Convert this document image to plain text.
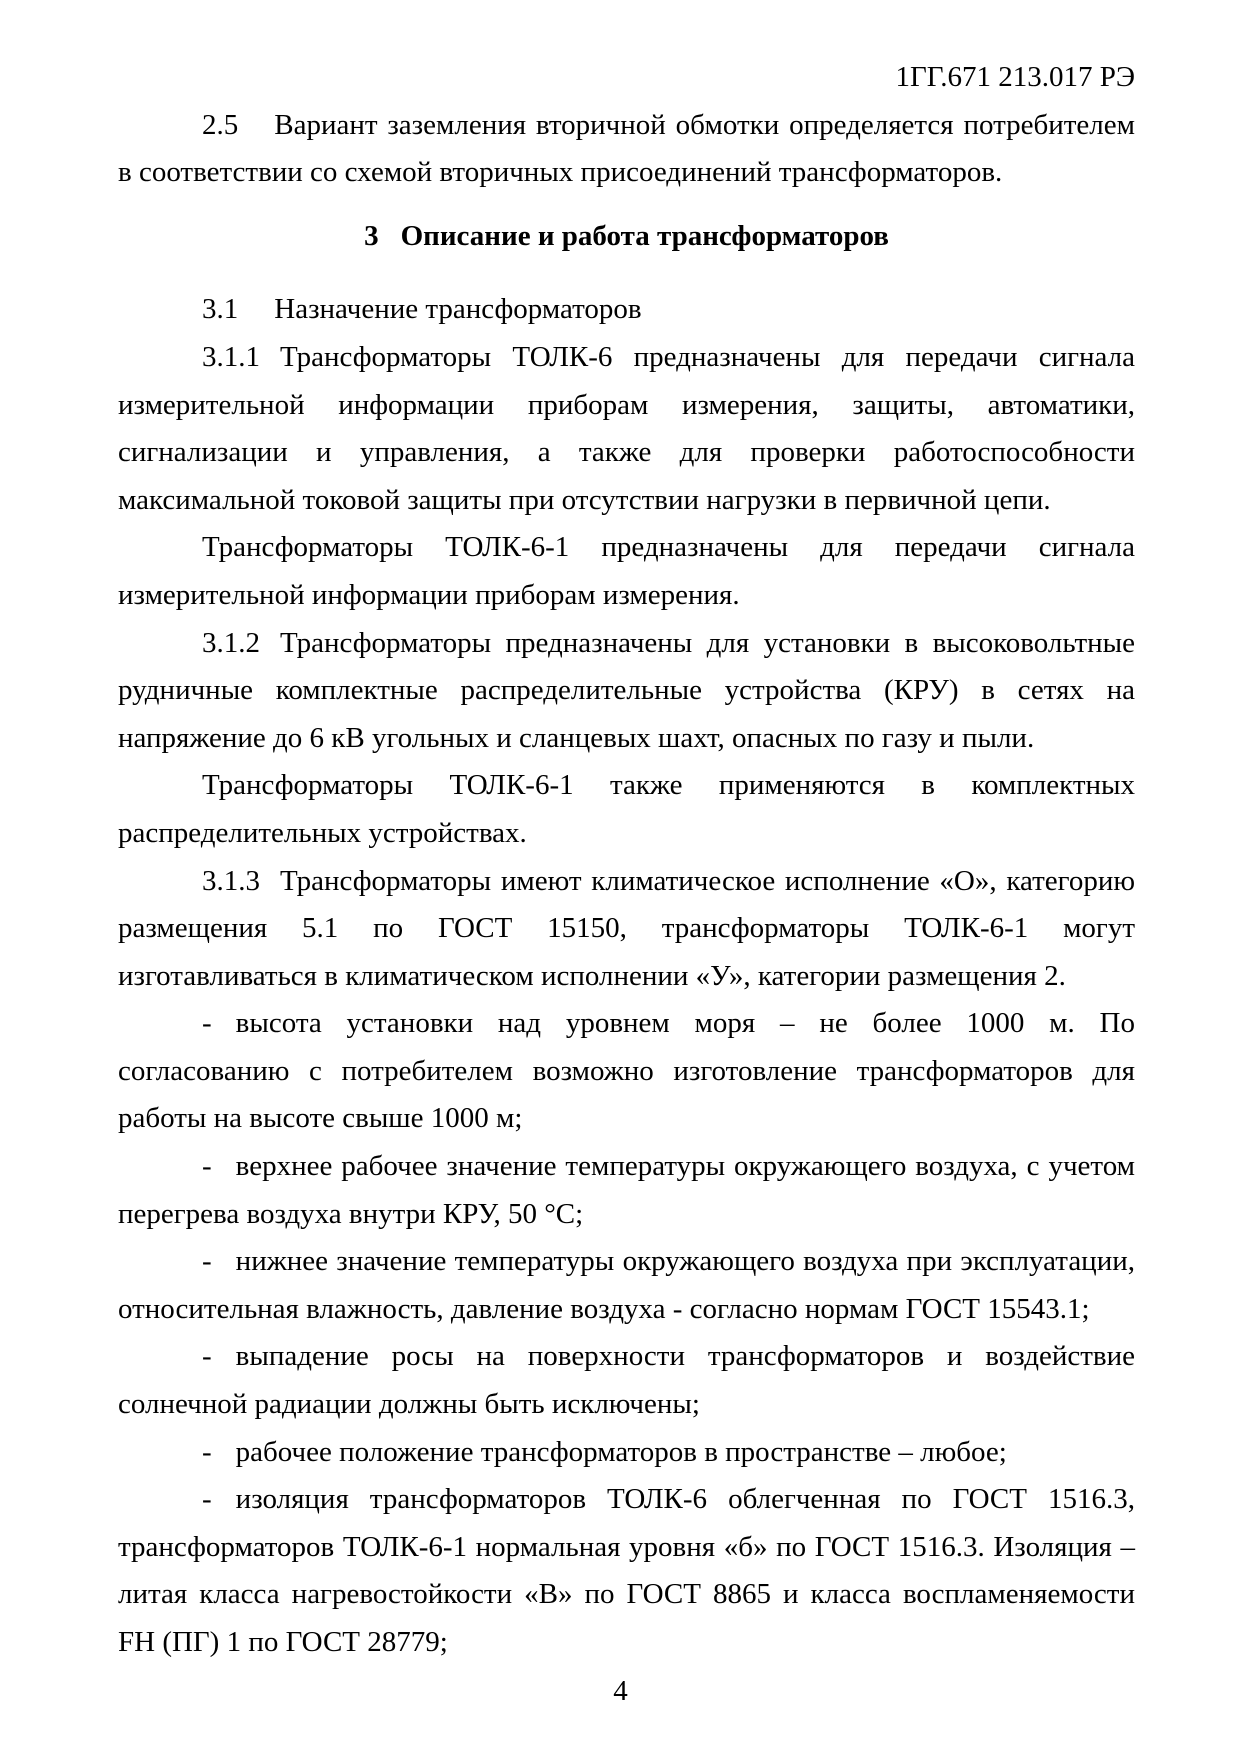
1ГГ.671 213.017 РЭ

2.5 Вариант заземления вторичной обмотки определяется потребителем в соответствии со схемой вторичных присоединений трансформаторов.

3 Описание и работа трансформаторов

3.1 Назначение трансформаторов

3.1.1 Трансформаторы ТОЛК-6 предназначены для передачи сигнала измерительной информации приборам измерения, защиты, автоматики, сигнализации и управления, а также для проверки работоспособности максимальной токовой защиты при отсутствии нагрузки в первичной цепи.

Трансформаторы ТОЛК-6-1 предназначены для передачи сигнала измерительной информации приборам измерения.

3.1.2 Трансформаторы предназначены для установки в высоковольтные рудничные комплектные распределительные устройства (КРУ) в сетях на напряжение до 6 кВ угольных и сланцевых шахт, опасных по газу и пыли.

Трансформаторы ТОЛК-6-1 также применяются в комплектных распределительных устройствах.

3.1.3 Трансформаторы имеют климатическое исполнение «О», категорию размещения 5.1 по ГОСТ 15150, трансформаторы ТОЛК-6-1 могут изготавливаться в климатическом исполнении «У», категории размещения 2.

- высота установки над уровнем моря – не более 1000 м. По согласованию с потребителем возможно изготовление трансформаторов для работы на высоте свыше 1000 м;

- верхнее рабочее значение температуры окружающего воздуха, с учетом перегрева воздуха внутри КРУ, 50 °С;

- нижнее значение температуры окружающего воздуха при эксплуатации, относительная влажность, давление воздуха - согласно нормам ГОСТ 15543.1;

- выпадение росы на поверхности трансформаторов и воздействие солнечной радиации должны быть исключены;

- рабочее положение трансформаторов в пространстве – любое;

- изоляция трансформаторов ТОЛК-6 облегченная по ГОСТ 1516.3, трансформаторов ТОЛК-6-1 нормальная уровня «б» по ГОСТ 1516.3. Изоляция – литая класса нагревостойкости «В» по ГОСТ 8865 и класса воспламеняемости FH (ПГ) 1 по ГОСТ 28779;

4
